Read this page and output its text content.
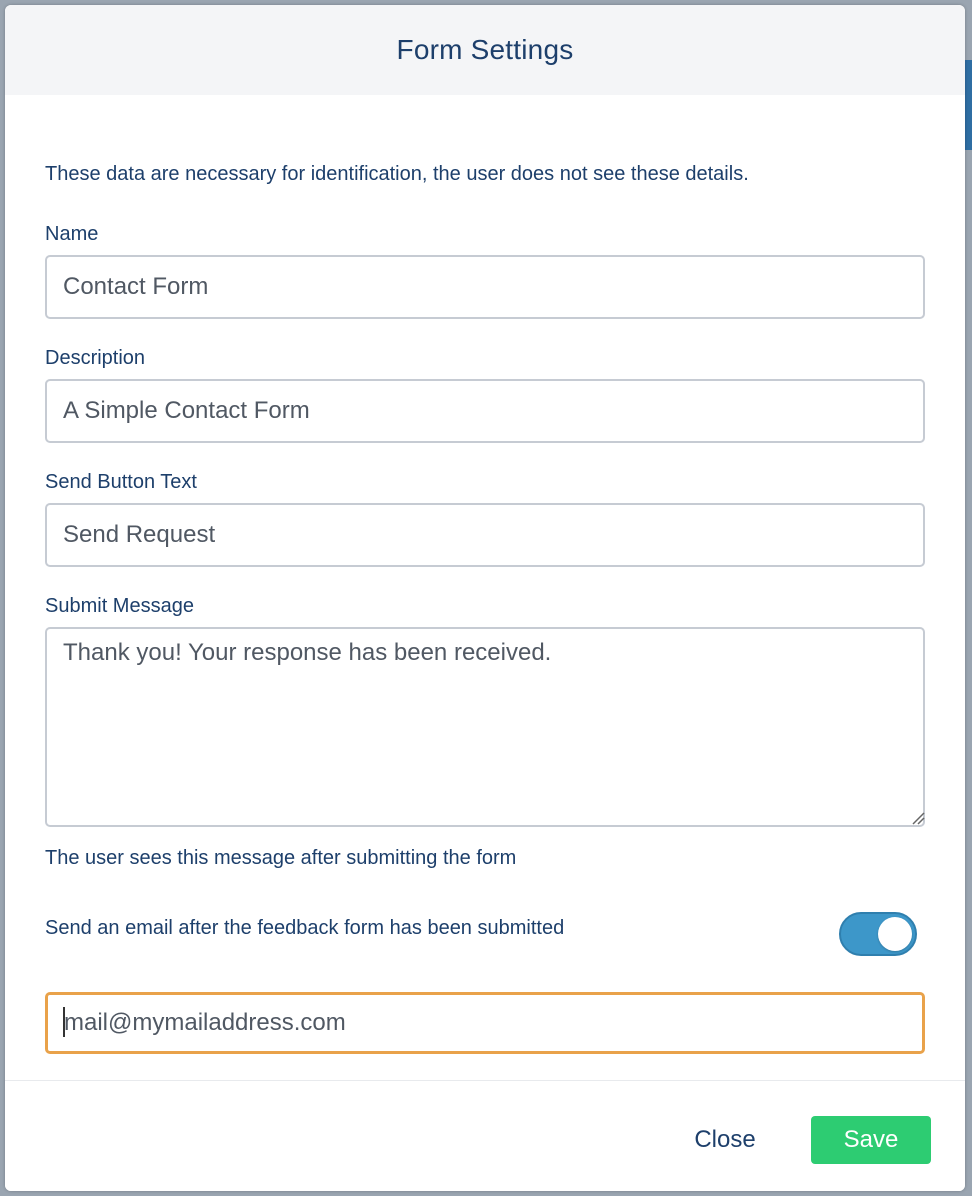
Form Settings
These data are necessary for identification, the user does not see these details.
Name
Contact Form
Description
A Simple Contact Form
Send Button Text
Send Request
Submit Message
Thank you! Your response has been received.
The user sees this message after submitting the form
Send an email after the feedback form has been submitted
mail@mymailaddress.com
Close	Save
